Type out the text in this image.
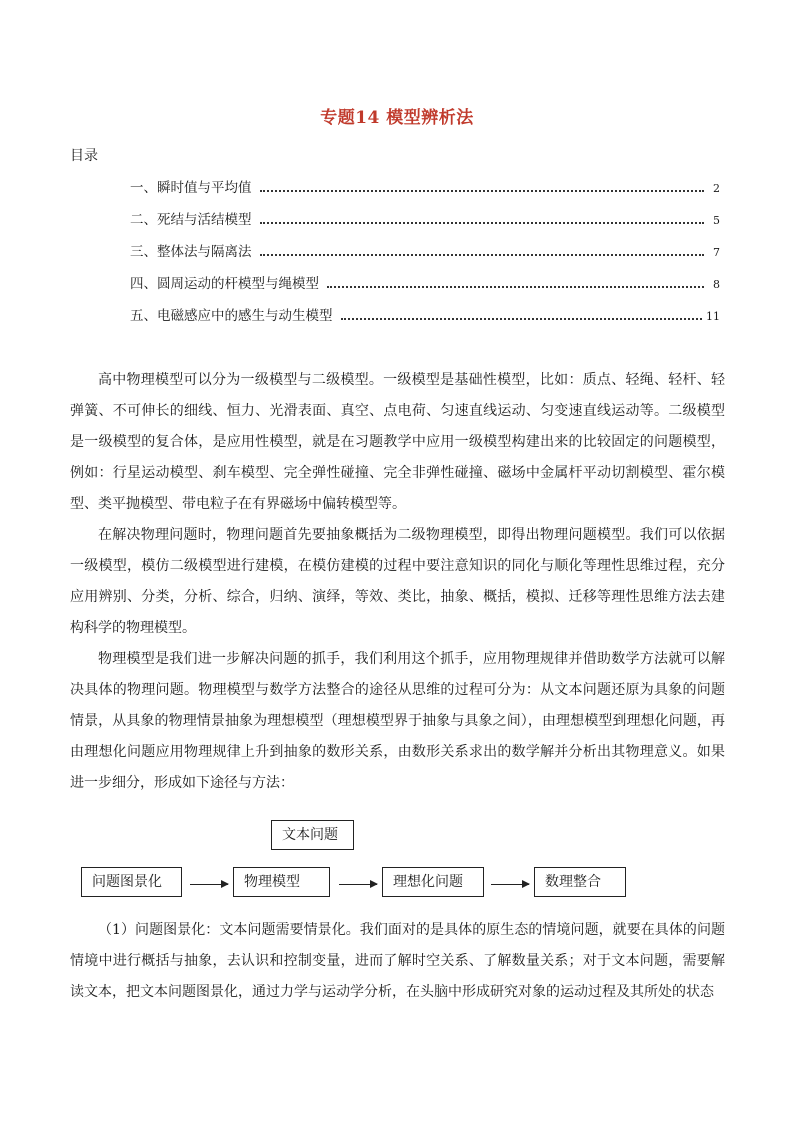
专题14 模型辨析法
目录
一、瞬时值与平均值	2
二、死结与活结模型	5
三、整体法与隔离法	7
四、圆周运动的杆模型与绳模型	8
五、电磁感应中的感生与动生模型	11

高中物理模型可以分为一级模型与二级模型。一级模型是基础性模型，比如：质点、轻绳、轻杆、轻弹簧、不可伸长的细线、恒力、光滑表面、真空、点电荷、匀速直线运动、匀变速直线运动等。二级模型是一级模型的复合体，是应用性模型，就是在习题教学中应用一级模型构建出来的比较固定的问题模型，例如：行星运动模型、刹车模型、完全弹性碰撞、完全非弹性碰撞、磁场中金属杆平动切割模型、霍尔模型、类平抛模型、带电粒子在有界磁场中偏转模型等。

在解决物理问题时，物理问题首先要抽象概括为二级物理模型，即得出物理问题模型。我们可以依据一级模型，模仿二级模型进行建模，在模仿建模的过程中要注意知识的同化与顺化等理性思维过程，充分应用辨别、分类，分析、综合，归纳、演绎，等效、类比，抽象、概括，模拟、迁移等理性思维方法去建构科学的物理模型。

物理模型是我们进一步解决问题的抓手，我们利用这个抓手，应用物理规律并借助数学方法就可以解决具体的物理问题。物理模型与数学方法整合的途径从思维的过程可分为：从文本问题还原为具象的问题情景，从具象的物理情景抽象为理想模型（理想模型界于抽象与具象之间），由理想模型到理想化问题，再由理想化问题应用物理规律上升到抽象的数形关系，由数形关系求出的数学解并分析出其物理意义。如果进一步细分，形成如下途径与方法：

文本问题
问题图景化	物理模型	理想化问题	数理整合

（1）问题图景化：文本问题需要情景化。我们面对的是具体的原生态的情境问题，就要在具体的问题情境中进行概括与抽象，去认识和控制变量，进而了解时空关系、了解数量关系；对于文本问题，需要解读文本，把文本问题图景化，通过力学与运动学分析，在头脑中形成研究对象的运动过程及其所处的状态
